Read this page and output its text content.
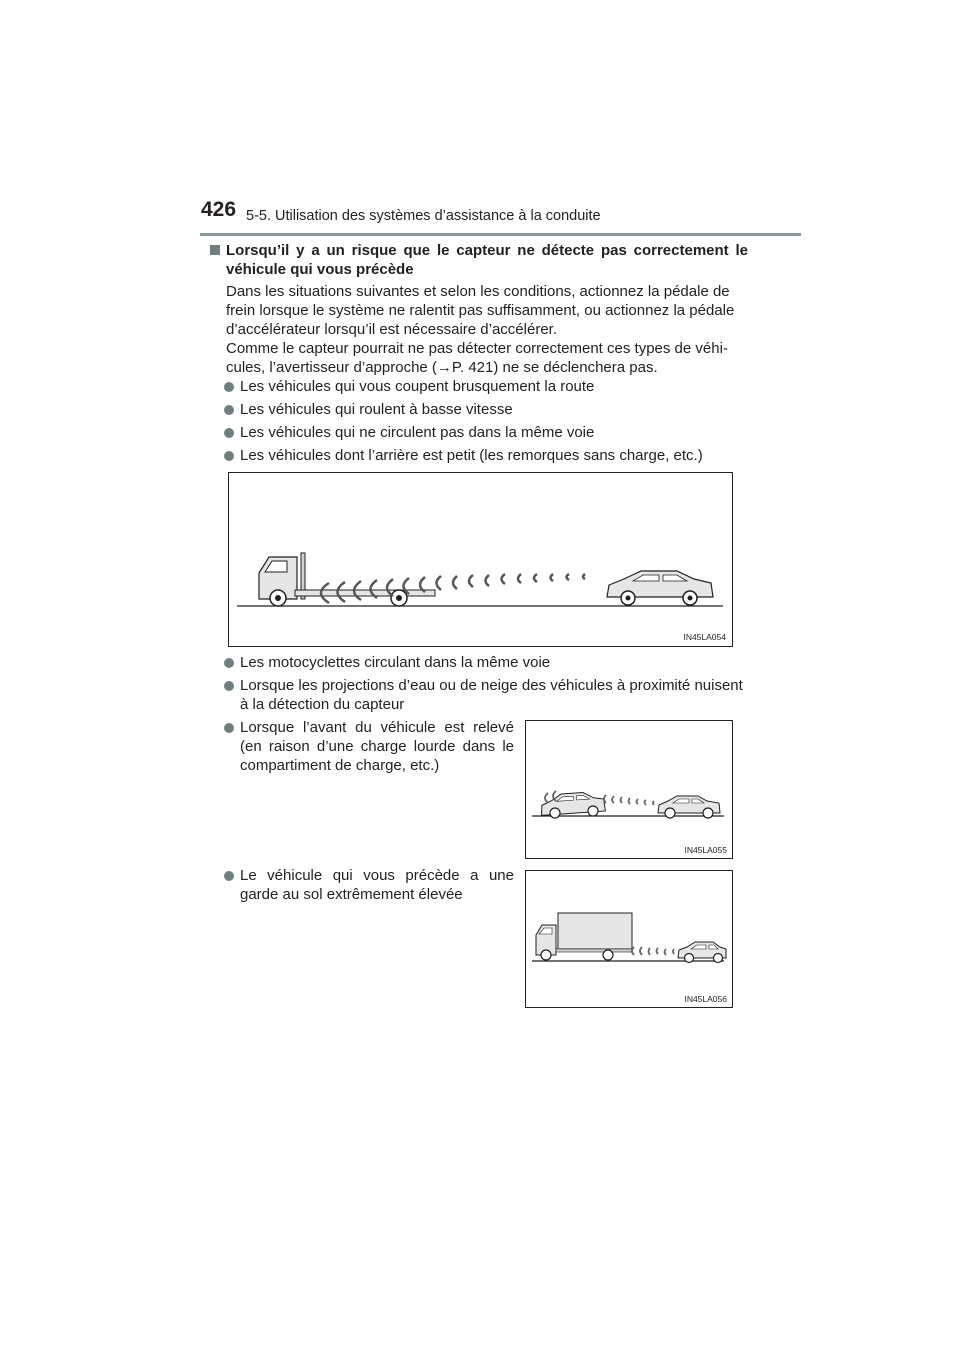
426 5-5. Utilisation des systèmes d’assistance à la conduite
Lorsqu’il y a un risque que le capteur ne détecte pas correctement le véhicule qui vous précède
Dans les situations suivantes et selon les conditions, actionnez la pédale de
frein lorsque le système ne ralentit pas suffisamment, ou actionnez la pédale
d’accélérateur lorsqu’il est nécessaire d’accélérer.
Comme le capteur pourrait ne pas détecter correctement ces types de véhi-
cules, l’avertisseur d’approche (→P. 421) ne se déclenchera pas.
Les véhicules qui vous coupent brusquement la route
Les véhicules qui roulent à basse vitesse
Les véhicules qui ne circulent pas dans la même voie
Les véhicules dont l’arrière est petit (les remorques sans charge, etc.)
IN45LA054
Les motocyclettes circulant dans la même voie
Lorsque les projections d’eau ou de neige des véhicules à proximité nuisent
à la détection du capteur
Lorsque l’avant du véhicule est relevé
(en raison d’une charge lourde dans le
compartiment de charge, etc.)
IN45LA055
Le véhicule qui vous précède a une
garde au sol extrêmement élevée
IN45LA056
